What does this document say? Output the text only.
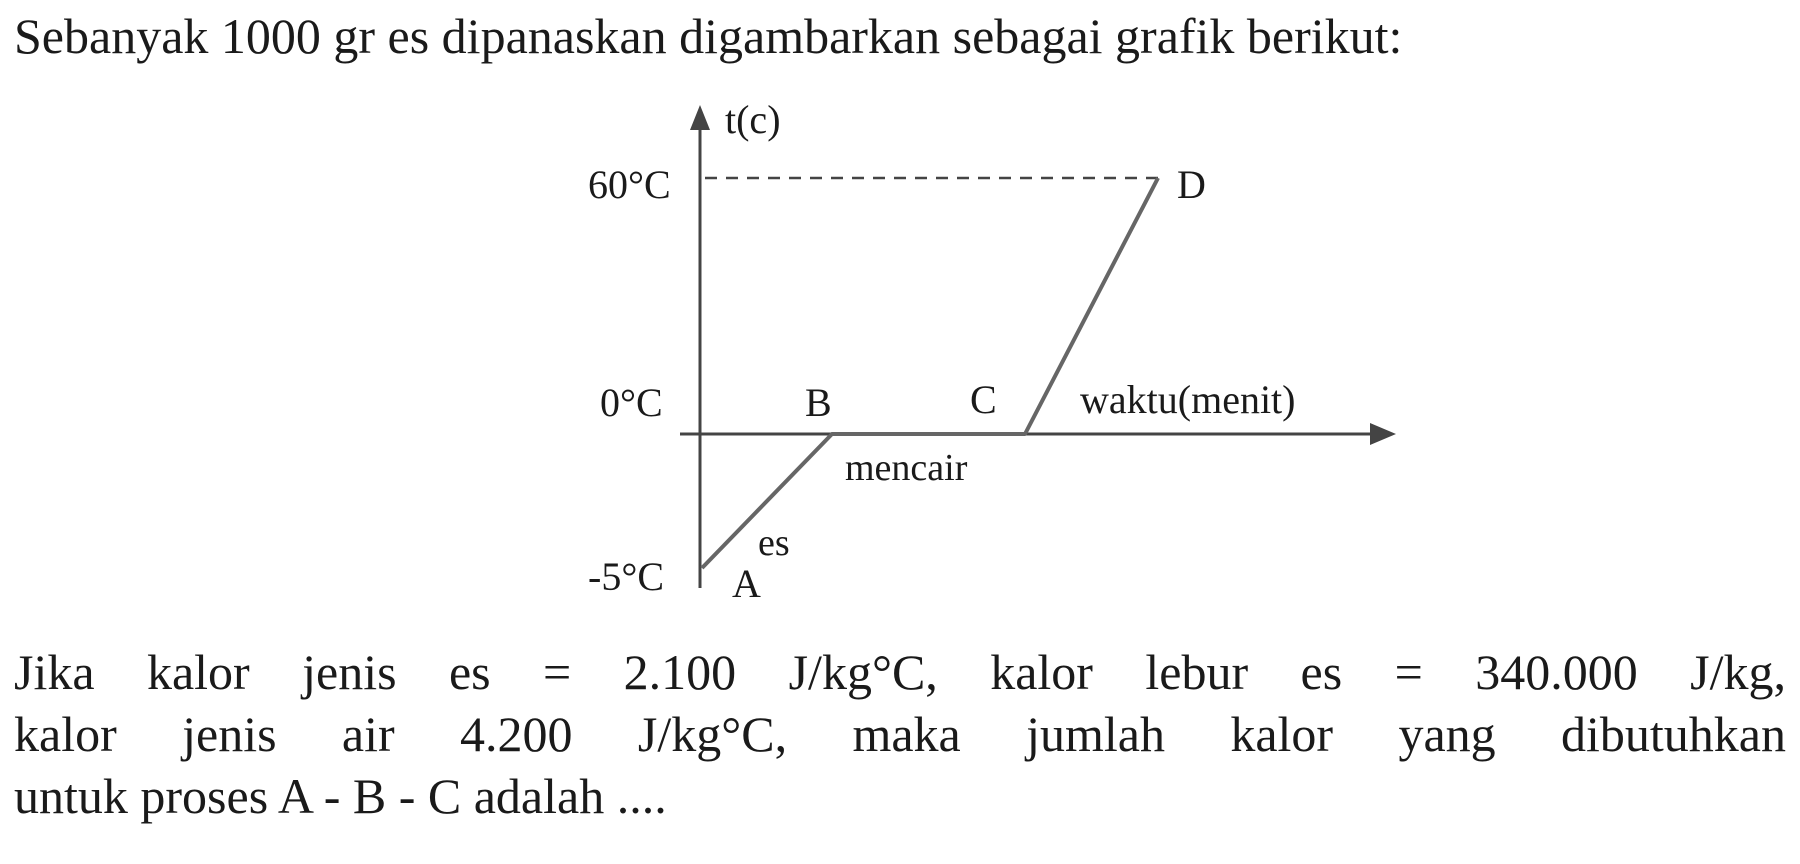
Sebanyak 1000 gr es dipanaskan digambarkan sebagai grafik berikut:
t(c)
waktu(menit)
60°C
0°C
-5°C A
B	C
D
es
mencair
Jika kalor jenis es = 2.100 J/kg°C, kalor lebur es = 340.000 J/kg,
kalor jenis air 4.200 J/kg°C, maka jumlah kalor yang dibutuhkan
untuk proses A - B - C adalah ....
